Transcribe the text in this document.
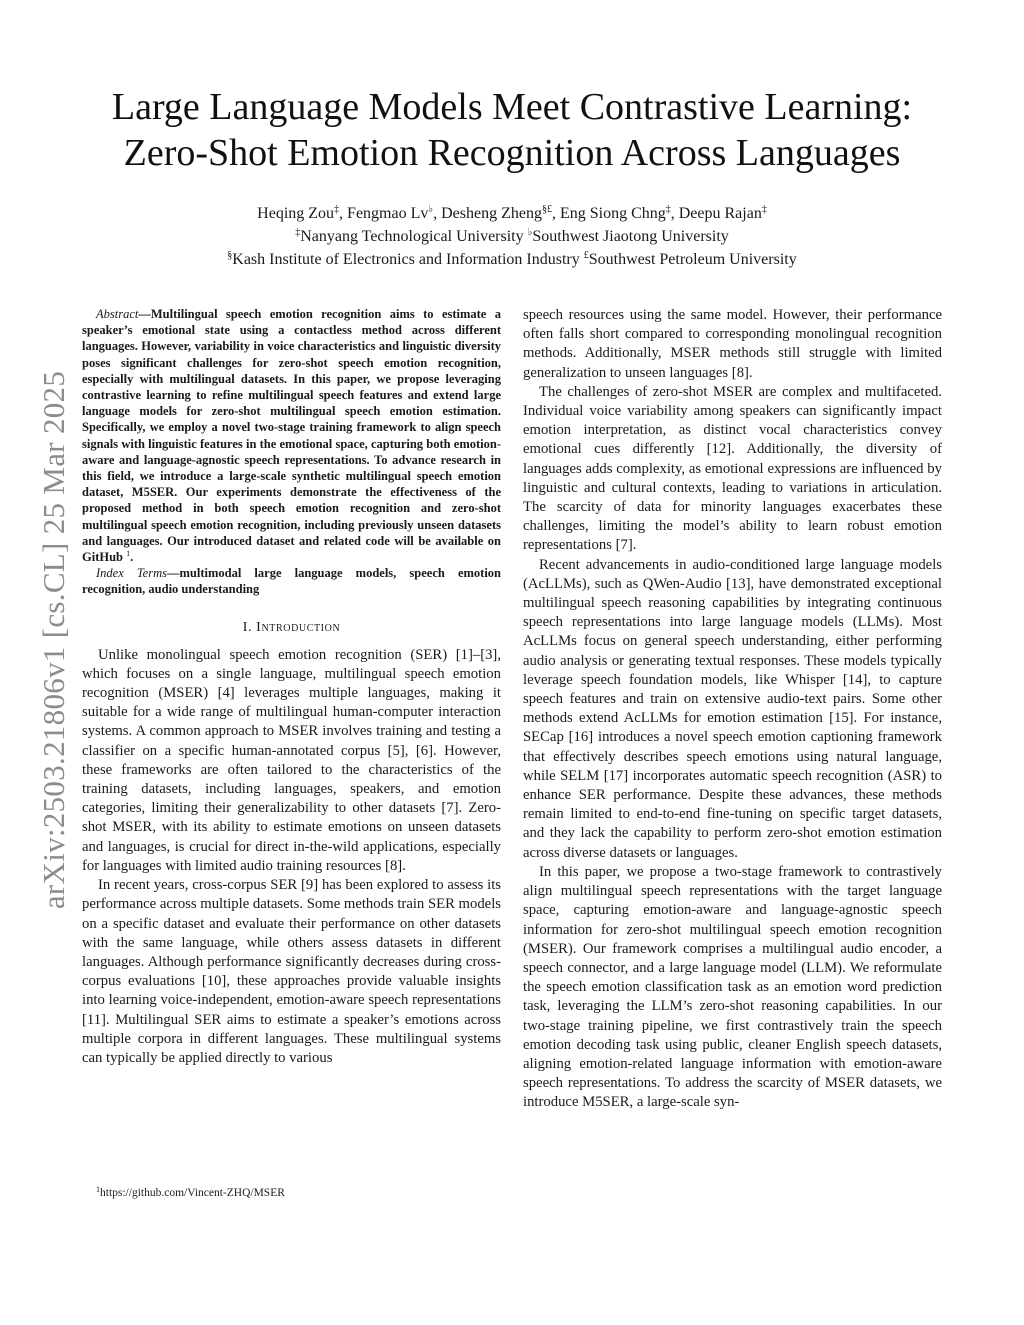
arXiv:2503.21806v1 [cs.CL] 25 Mar 2025
Large Language Models Meet Contrastive Learning:
Zero-Shot Emotion Recognition Across Languages
Heqing Zou‡, Fengmao Lv♭, Desheng Zheng§£, Eng Siong Chng‡, Deepu Rajan‡
‡Nanyang Technological University ♭Southwest Jiaotong University
§Kash Institute of Electronics and Information Industry £Southwest Petroleum University

Abstract—Multilingual speech emotion recognition aims to estimate a speaker’s emotional state using a contactless method across different languages. However, variability in voice characteristics and linguistic diversity poses significant challenges for zero-shot speech emotion recognition, especially with multilingual datasets. In this paper, we propose leveraging contrastive learning to refine multilingual speech features and extend large language models for zero-shot multilingual speech emotion estimation. Specifically, we employ a novel two-stage training framework to align speech signals with linguistic features in the emotional space, capturing both emotion-aware and language-agnostic speech representations. To advance research in this field, we introduce a large-scale synthetic multilingual speech emotion dataset, M5SER. Our experiments demonstrate the effectiveness of the proposed method in both speech emotion recognition and zero-shot multilingual speech emotion recognition, including previously unseen datasets and languages. Our introduced dataset and related code will be available on GitHub $^1$.

Index Terms—multimodal large language models, speech emotion recognition, audio understanding

I. Introduction

Unlike monolingual speech emotion recognition (SER) [1]–[3], which focuses on a single language, multilingual speech emotion recognition (MSER) [4] leverages multiple languages, making it suitable for a wide range of multilingual human-computer interaction systems. A common approach to MSER involves training and testing a classifier on a specific human-annotated corpus [5], [6]. However, these frameworks are often tailored to the characteristics of the training datasets, including languages, speakers, and emotion categories, limiting their generalizability to other datasets [7]. Zero-shot MSER, with its ability to estimate emotions on unseen datasets and languages, is crucial for direct in-the-wild applications, especially for languages with limited audio training resources [8].

In recent years, cross-corpus SER [9] has been explored to assess its performance across multiple datasets. Some methods train SER models on a specific dataset and evaluate their performance on other datasets with the same language, while others assess datasets in different languages. Although performance significantly decreases during cross-corpus evaluations [10], these approaches provide valuable insights into learning voice-independent, emotion-aware speech representations [11]. Multilingual SER aims to estimate a speaker’s emotions across multiple corpora in different languages. These multilingual systems can typically be applied directly to various

speech resources using the same model. However, their performance often falls short compared to corresponding monolingual recognition methods. Additionally, MSER methods still struggle with limited generalization to unseen languages [8].

The challenges of zero-shot MSER are complex and multifaceted. Individual voice variability among speakers can significantly impact emotion interpretation, as distinct vocal characteristics convey emotional cues differently [12]. Additionally, the diversity of languages adds complexity, as emotional expressions are influenced by linguistic and cultural contexts, leading to variations in articulation. The scarcity of data for minority languages exacerbates these challenges, limiting the model’s ability to learn robust emotion representations [7].

Recent advancements in audio-conditioned large language models (AcLLMs), such as QWen-Audio [13], have demonstrated exceptional multilingual speech reasoning capabilities by integrating continuous speech representations into large language models (LLMs). Most AcLLMs focus on general speech understanding, either performing audio analysis or generating textual responses. These models typically leverage speech foundation models, like Whisper [14], to capture speech features and train on extensive audio-text pairs. Some other methods extend AcLLMs for emotion estimation [15]. For instance, SECap [16] introduces a novel speech emotion captioning framework that effectively describes speech emotions using natural language, while SELM [17] incorporates automatic speech recognition (ASR) to enhance SER performance. Despite these advances, these methods remain limited to end-to-end fine-tuning on specific target datasets, and they lack the capability to perform zero-shot emotion estimation across diverse datasets or languages.

In this paper, we propose a two-stage framework to contrastively align multilingual speech representations with the target language space, capturing emotion-aware and language-agnostic speech information for zero-shot multilingual speech emotion recognition (MSER). Our framework comprises a multilingual audio encoder, a speech connector, and a large language model (LLM). We reformulate the speech emotion classification task as an emotion word prediction task, leveraging the LLM’s zero-shot reasoning capabilities. In our two-stage training pipeline, we first contrastively train the speech emotion decoding task using public, cleaner English speech datasets, aligning emotion-related language information with emotion-aware speech representations. To address the scarcity of MSER datasets, we introduce M5SER, a large-scale syn-

$^1$https://github.com/Vincent-ZHQ/MSER
